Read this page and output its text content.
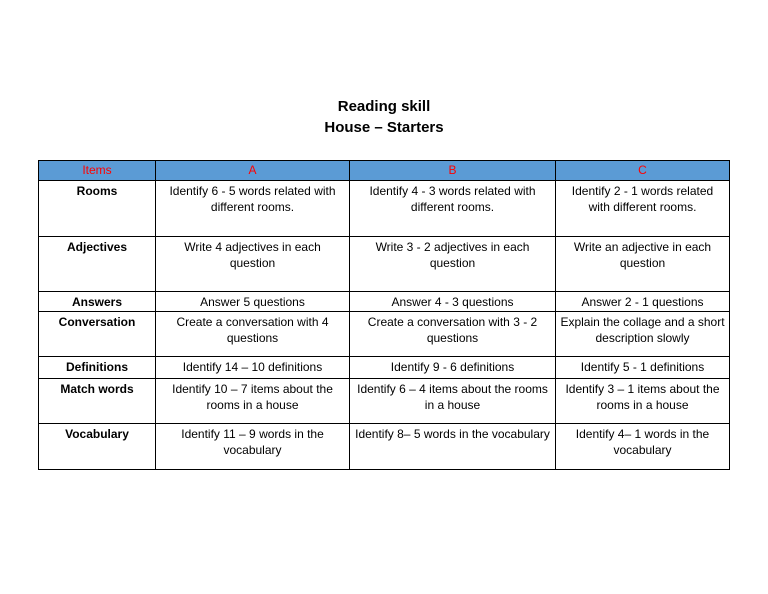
Reading skill
House – Starters
Items	A	B	C
Rooms	Identify 6 - 5 words related with different rooms.	Identify 4 - 3 words related with different rooms.	Identify 2 - 1 words related with different rooms.
Adjectives	Write 4 adjectives in each question	Write 3 - 2 adjectives in each question	Write an adjective in each question
Answers	Answer 5 questions	Answer 4 - 3 questions	Answer 2 - 1 questions
Conversation	Create a conversation with 4 questions	Create a conversation with 3 - 2 questions	Explain the collage and a short description slowly
Definitions	Identify 14 – 10 definitions	Identify 9 - 6 definitions	Identify 5 - 1 definitions
Match words	Identify 10 – 7 items about the rooms in a house	Identify 6 – 4 items about the rooms in a house	Identify 3 – 1 items about the rooms in a house
Vocabulary	Identify 11 – 9 words in the vocabulary	Identify 8– 5 words in the vocabulary	Identify 4– 1 words in the vocabulary
